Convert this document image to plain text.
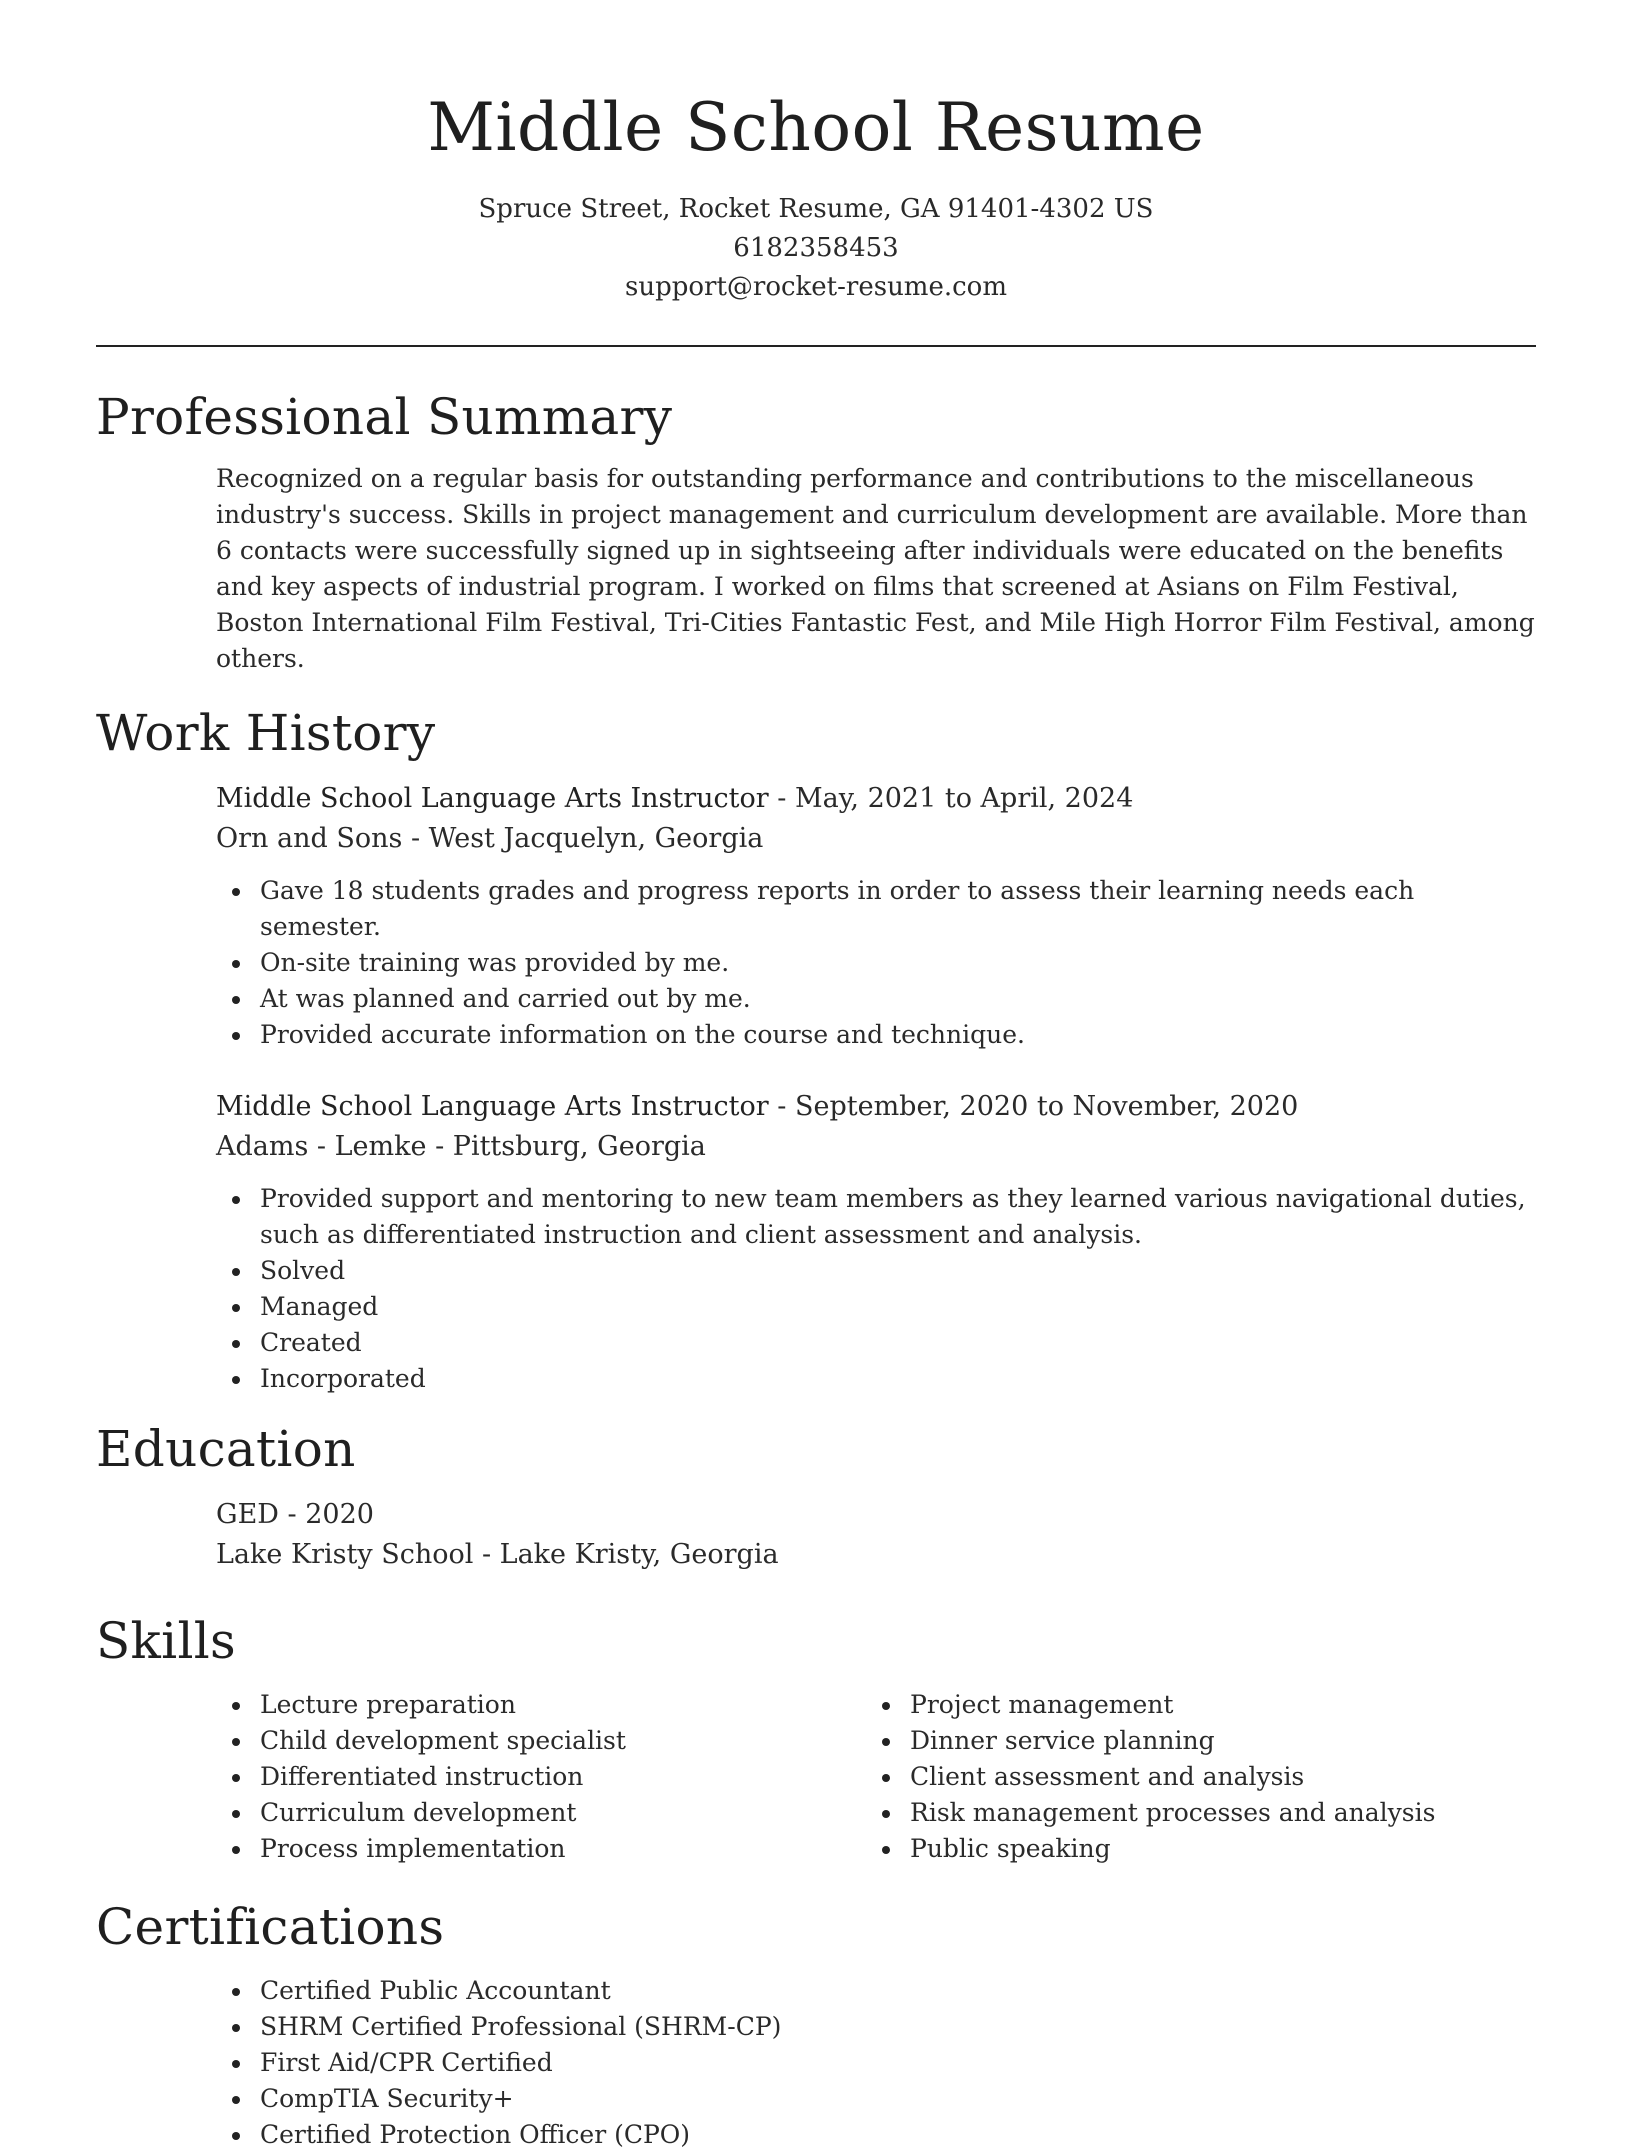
Middle School Resume
Spruce Street, Rocket Resume, GA 91401-4302 US
6182358453
support@rocket-resume.com
Professional Summary

Recognized on a regular basis for outstanding performance and contributions to the miscellaneous industry's success. Skills in project management and curriculum development are available. More than 6 contacts were successfully signed up in sightseeing after individuals were educated on the benefits and key aspects of industrial program. I worked on films that screened at Asians on Film Festival, Boston International Film Festival, Tri-Cities Fantastic Fest, and Mile High Horror Film Festival, among others.

Work History
Middle School Language Arts Instructor - May, 2021 to April, 2024
Orn and Sons - West Jacquelyn, Georgia
Gave 18 students grades and progress reports in order to assess their learning needs each semester.
On-site training was provided by me.
At was planned and carried out by me.
Provided accurate information on the course and technique.
Middle School Language Arts Instructor - September, 2020 to November, 2020
Adams - Lemke - Pittsburg, Georgia
Provided support and mentoring to new team members as they learned various navigational duties, such as differentiated instruction and client assessment and analysis.
Solved
Managed
Created
Incorporated
Education
GED - 2020
Lake Kristy School - Lake Kristy, Georgia
Skills
Lecture preparation
Child development specialist
Differentiated instruction
Curriculum development
Process implementation
Project management
Dinner service planning
Client assessment and analysis
Risk management processes and analysis
Public speaking
Certifications
Certified Public Accountant
SHRM Certified Professional (SHRM-CP)
First Aid/CPR Certified
CompTIA Security+
Certified Protection Officer (CPO)
